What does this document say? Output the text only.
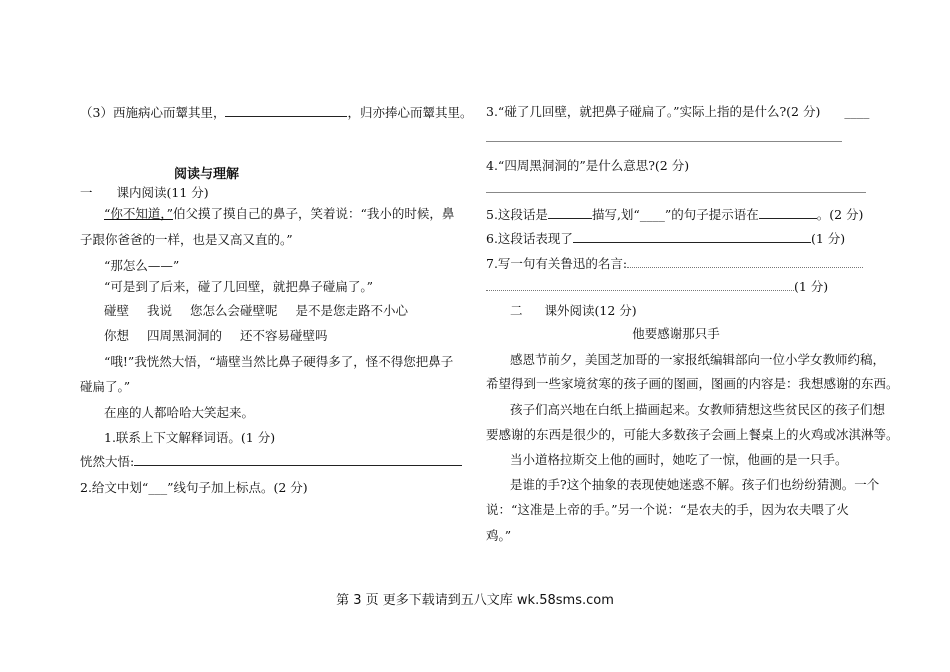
（3）西施病心而颦其里，	，归亦捧心而颦其里。
阅读与理解
一 课内阅读(11 分)
“你不知道，”伯父摸了摸自己的鼻子，笑着说：“我小的时候，鼻
子跟你爸爸的一样，也是又高又直的。”
“那怎么——”
“可是到了后来，碰了几回壁，就把鼻子碰扁了。”
碰壁 我说 您怎么会碰壁呢 是不是您走路不小心
你想 四周黑洞洞的 还不容易碰壁吗
“哦!”我恍然大悟，“墙壁当然比鼻子硬得多了，怪不得您把鼻子
碰扁了。”
在座的人都哈哈大笑起来。
1.联系上下文解释词语。(1 分)
恍然大悟:
2.给文中划“___”线句子加上标点。(2 分)
3.“碰了几回壁，就把鼻子碰扁了。”实际上指的是什么?(2 分) ____
4.“四周黑洞洞的”是什么意思?(2 分)
5.这段话是	描写,划“____”的句子提示语在	。(2 分)
6.这段话表现了	(1 分)
7.写一句有关鲁迅的名言:
(1 分)
二 课外阅读(12 分)
他要感谢那只手
感恩节前夕，美国芝加哥的一家报纸编辑部向一位小学女教师约稿，
希望得到一些家境贫寒的孩子画的图画，图画的内容是：我想感谢的东西。
孩子们高兴地在白纸上描画起来。女教师猜想这些贫民区的孩子们想
要感谢的东西是很少的，可能大多数孩子会画上餐桌上的火鸡或冰淇淋等。
当小道格拉斯交上他的画时，她吃了一惊，他画的是一只手。
是谁的手?这个抽象的表现使她迷惑不解。孩子们也纷纷猜测。一个
说：“这准是上帝的手。”另一个说：“是农夫的手，因为农夫喂了火
鸡。”
第 3 页 更多下载请到五八文库 wk.58sms.com
